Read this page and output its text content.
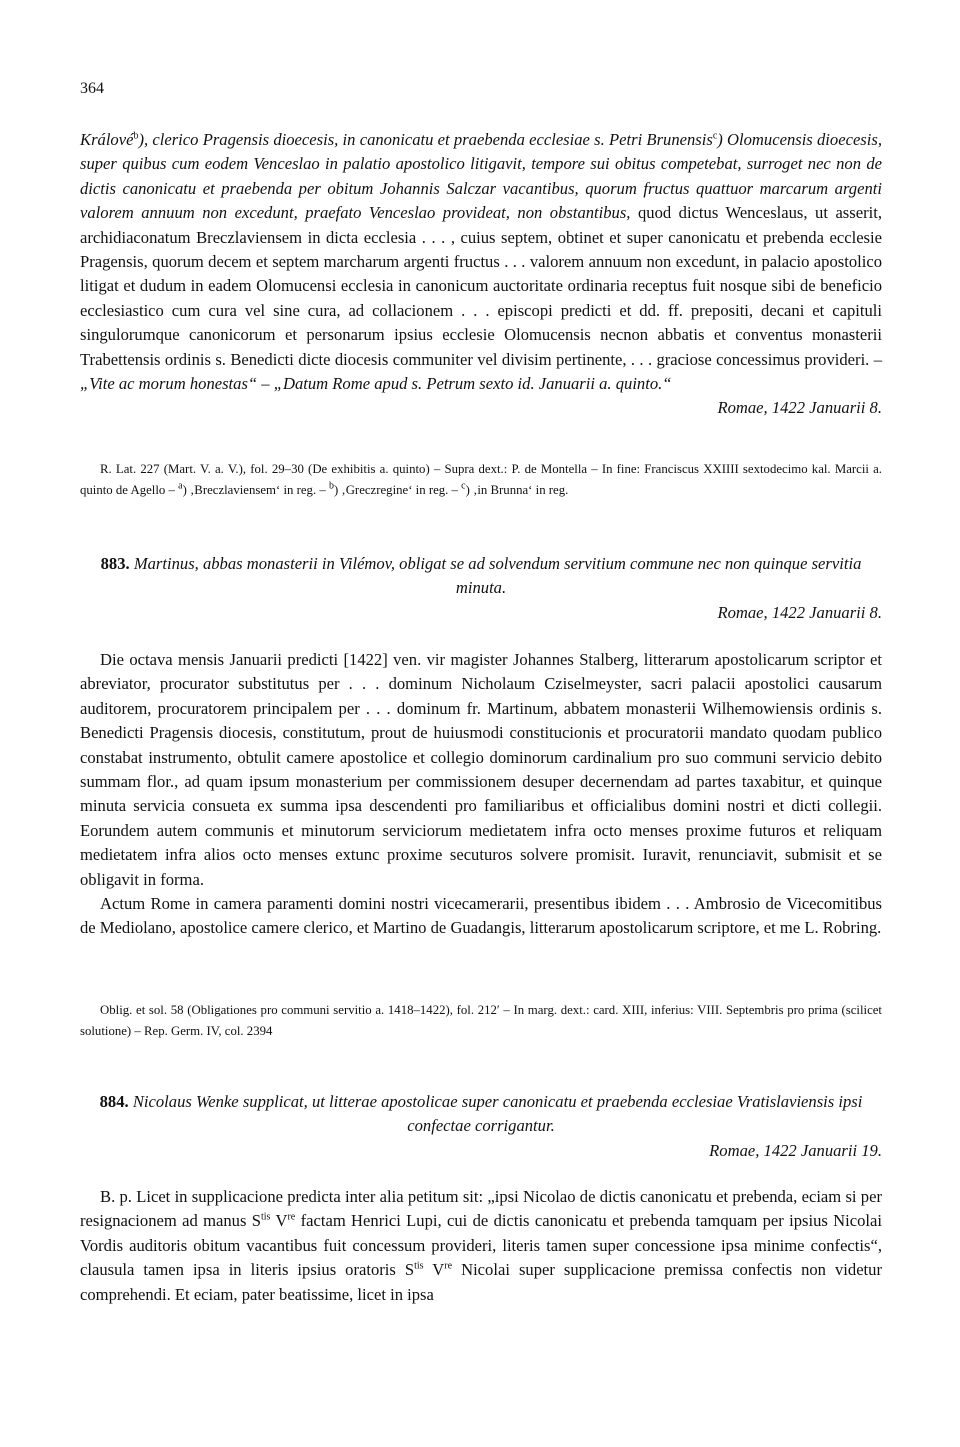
364

Králové$^b$), clerico Pragensis dioecesis, in canonicatu et praebenda ecclesiae s. Petri Brunensis$^c$) Olomucensis dioecesis, super quibus cum eodem Venceslao in palatio apostolico litigavit, tempore sui obitus competebat, surroget nec non de dictis canonicatu et praebenda per obitum Johannis Salczar vacantibus, quorum fructus quattuor marcarum argenti valorem annuum non excedunt, praefato Venceslao provideat, non obstantibus, quod dictus Wenceslaus, ut asserit, archidiaconatum Breczlaviensem in dicta ecclesia . . . , cuius septem, obtinet et super canonicatu et prebenda ecclesie Pragensis, quorum decem et septem marcharum argenti fructus . . . valorem annuum non excedunt, in palacio apostolico litigat et dudum in eadem Olomucensi ecclesia in canonicum auctoritate ordinaria receptus fuit nosque sibi de beneficio ecclesiastico cum cura vel sine cura, ad collacionem . . . episcopi predicti et dd. ff. prepositi, decani et capituli singulorumque canonicorum et personarum ipsius ecclesie Olomucensis necnon abbatis et conventus monasterii Trabettensis ordinis s. Benedicti dicte diocesis communiter vel divisim pertinente, . . . graciose concessimus provideri. – „Vite ac morum honestas“ – „Datum Rome apud s. Petrum sexto id. Januarii a. quinto.“

Romae, 1422 Januarii 8.

R. Lat. 227 (Mart. V. a. V.), fol. 29–30 (De exhibitis a. quinto) – Supra dext.: P. de Montella – In fine: Franciscus XXIIII sextodecimo kal. Marcii a. quinto de Agello – $^a$) ‚Breczlaviensem‘ in reg. – $^b$) ‚Greczregine‘ in reg. – $^c$) ‚in Brunna‘ in reg.

883. Martinus, abbas monasterii in Vilémov, obligat se ad solvendum servitium commune nec non quinque servitia minuta.

Romae, 1422 Januarii 8.

Die octava mensis Januarii predicti [1422] ven. vir magister Johannes Stalberg, litterarum apostolicarum scriptor et abreviator, procurator substitutus per . . . dominum Nicholaum Cziselmeyster, sacri palacii apostolici causarum auditorem, procuratorem principalem per . . . dominum fr. Martinum, abbatem monasterii Wilhemowiensis ordinis s. Benedicti Pragensis diocesis, constitutum, prout de huiusmodi constitucionis et procuratorii mandato quodam publico constabat instrumento, obtulit camere apostolice et collegio dominorum cardinalium pro suo communi servicio debito summam flor., ad quam ipsum monasterium per commissionem desuper decernendam ad partes taxabitur, et quinque minuta servicia consueta ex summa ipsa descendenti pro familiaribus et officialibus domini nostri et dicti collegii. Eorundem autem communis et minutorum serviciorum medietatem infra octo menses proxime futuros et reliquam medietatem infra alios octo menses extunc proxime secuturos solvere promisit. Iuravit, renunciavit, submisit et se obligavit in forma.

Actum Rome in camera paramenti domini nostri vicecamerarii, presentibus ibidem . . . Ambrosio de Vicecomitibus de Mediolano, apostolice camere clerico, et Martino de Guadangis, litterarum apostolicarum scriptore, et me L. Robring.

Oblig. et sol. 58 (Obligationes pro communi servitio a. 1418–1422), fol. 212′ – In marg. dext.: card. XIII, inferius: VIII. Septembris pro prima (scilicet solutione) – Rep. Germ. IV, col. 2394

884. Nicolaus Wenke supplicat, ut litterae apostolicae super canonicatu et praebenda ecclesiae Vratislaviensis ipsi confectae corrigantur.

Romae, 1422 Januarii 19.

B. p. Licet in supplicacione predicta inter alia petitum sit: „ipsi Nicolao de dictis canonicatu et prebenda, eciam si per resignacionem ad manus $S^{tis}$ Vre factam Henrici Lupi, cui de dictis canonicatu et prebenda tamquam per ipsius Nicolai Vordis auditoris obitum vacantibus fuit concessum provideri, literis tamen super concessione ipsa minime confectis“, clausula tamen ipsa in literis ipsius oratoris $S^{tis}$ Vre Nicolai super supplicacione premissa confectis non videtur comprehendi. Et eciam, pater beatissime, licet in ipsa
